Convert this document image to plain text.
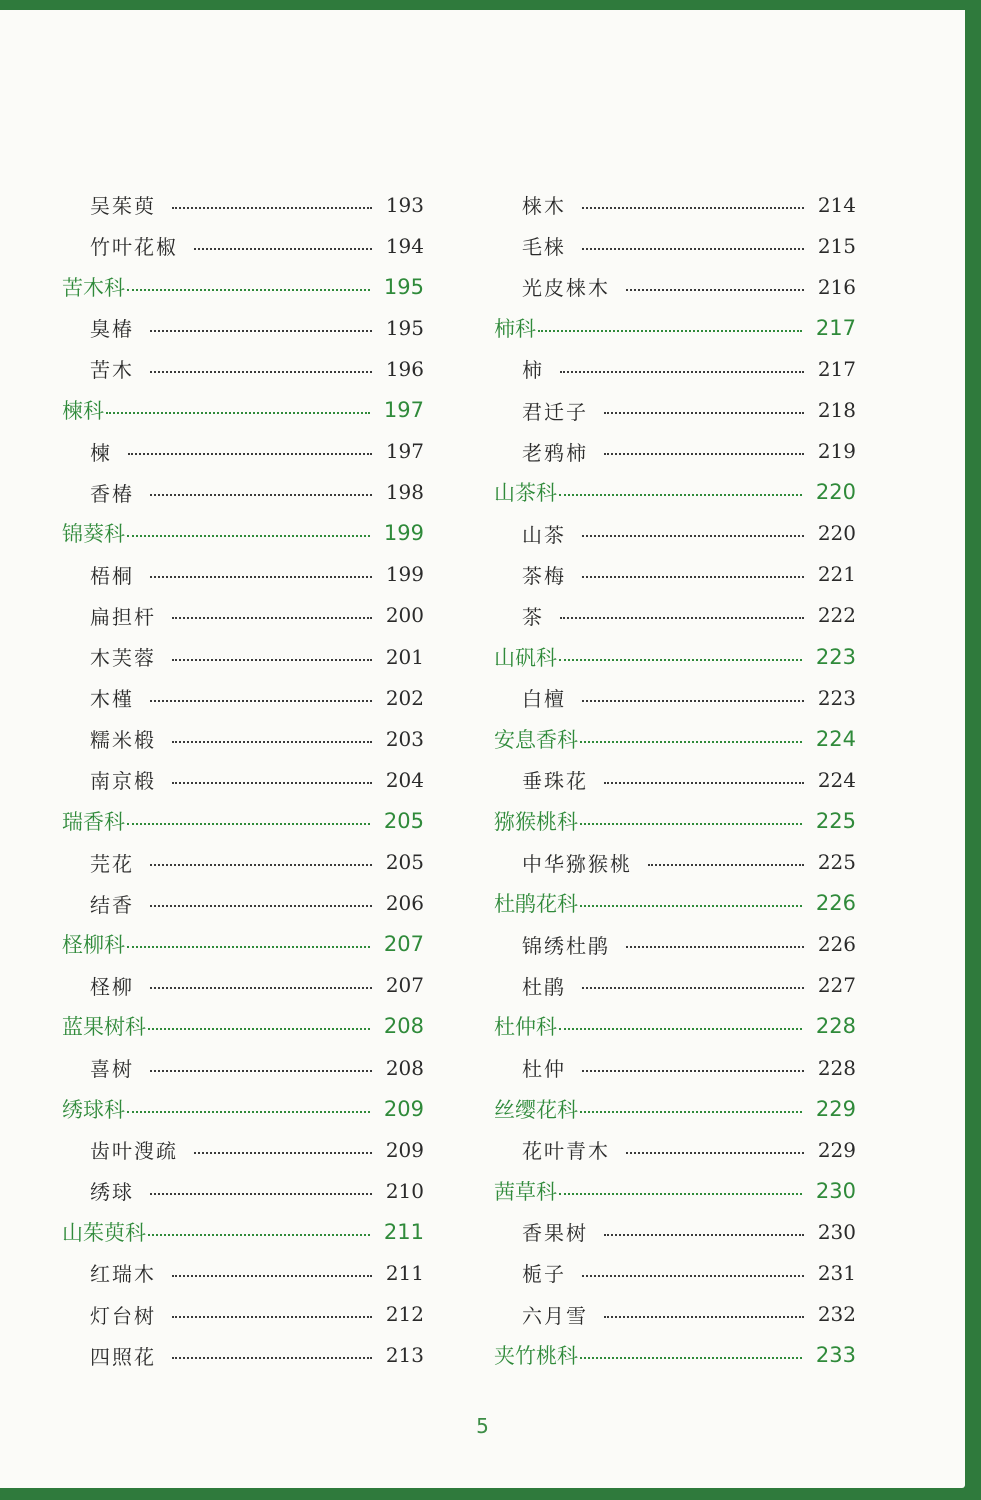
吴茱萸	193
竹叶花椒	194
苦木科	195
臭椿	195
苦木	196
楝科	197
楝	197
香椿	198
锦葵科	199
梧桐	199
扁担杆	200
木芙蓉	201
木槿	202
糯米椴	203
南京椴	204
瑞香科	205
芫花	205
结香	206
柽柳科	207
柽柳	207
蓝果树科	208
喜树	208
绣球科	209
齿叶溲疏	209
绣球	210
山茱萸科	211
红瑞木	211
灯台树	212
四照花	213
梾木	214
毛梾	215
光皮梾木	216
柿科	217
柿	217
君迁子	218
老鸦柿	219
山茶科	220
山茶	220
茶梅	221
茶	222
山矾科	223
白檀	223
安息香科	224
垂珠花	224
猕猴桃科	225
中华猕猴桃	225
杜鹃花科	226
锦绣杜鹃	226
杜鹃	227
杜仲科	228
杜仲	228
丝缨花科	229
花叶青木	229
茜草科	230
香果树	230
栀子	231
六月雪	232
夹竹桃科	233
5
